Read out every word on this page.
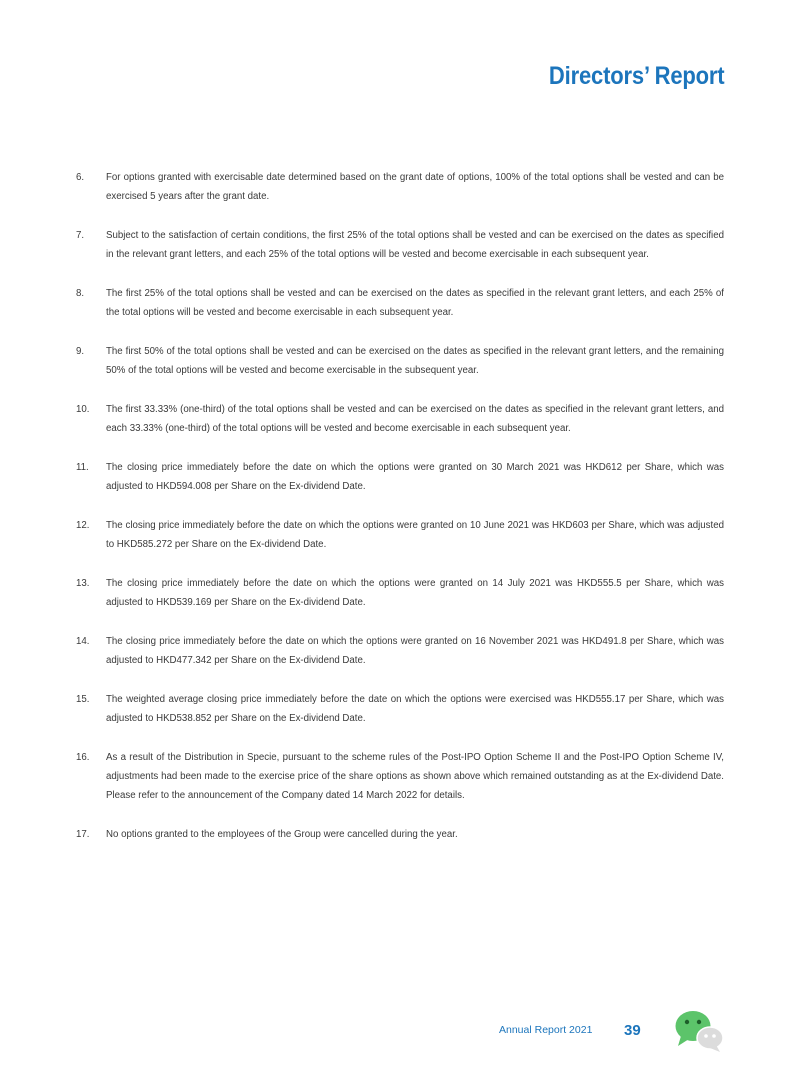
Directors’ Report
6.	For options granted with exercisable date determined based on the grant date of options, 100% of the total options shall be vested and can be exercised 5 years after the grant date.
7.	Subject to the satisfaction of certain conditions, the first 25% of the total options shall be vested and can be exercised on the dates as specified in the relevant grant letters, and each 25% of the total options will be vested and become exercisable in each subsequent year.
8.	The first 25% of the total options shall be vested and can be exercised on the dates as specified in the relevant grant letters, and each 25% of the total options will be vested and become exercisable in each subsequent year.
9.	The first 50% of the total options shall be vested and can be exercised on the dates as specified in the relevant grant letters, and the remaining 50% of the total options will be vested and become exercisable in the subsequent year.
10.	The first 33.33% (one-third) of the total options shall be vested and can be exercised on the dates as specified in the relevant grant letters, and each 33.33% (one-third) of the total options will be vested and become exercisable in each subsequent year.
11.	The closing price immediately before the date on which the options were granted on 30 March 2021 was HKD612 per Share, which was adjusted to HKD594.008 per Share on the Ex-dividend Date.
12.	The closing price immediately before the date on which the options were granted on 10 June 2021 was HKD603 per Share, which was adjusted to HKD585.272 per Share on the Ex-dividend Date.
13.	The closing price immediately before the date on which the options were granted on 14 July 2021 was HKD555.5 per Share, which was adjusted to HKD539.169 per Share on the Ex-dividend Date.
14.	The closing price immediately before the date on which the options were granted on 16 November 2021 was HKD491.8 per Share, which was adjusted to HKD477.342 per Share on the Ex-dividend Date.
15.	The weighted average closing price immediately before the date on which the options were exercised was HKD555.17 per Share, which was adjusted to HKD538.852 per Share on the Ex-dividend Date.
16.	As a result of the Distribution in Specie, pursuant to the scheme rules of the Post-IPO Option Scheme II and the Post-IPO Option Scheme IV, adjustments had been made to the exercise price of the share options as shown above which remained outstanding as at the Ex-dividend Date. Please refer to the announcement of the Company dated 14 March 2022 for details.
17.	No options granted to the employees of the Group were cancelled during the year.
Annual Report 2021 39
